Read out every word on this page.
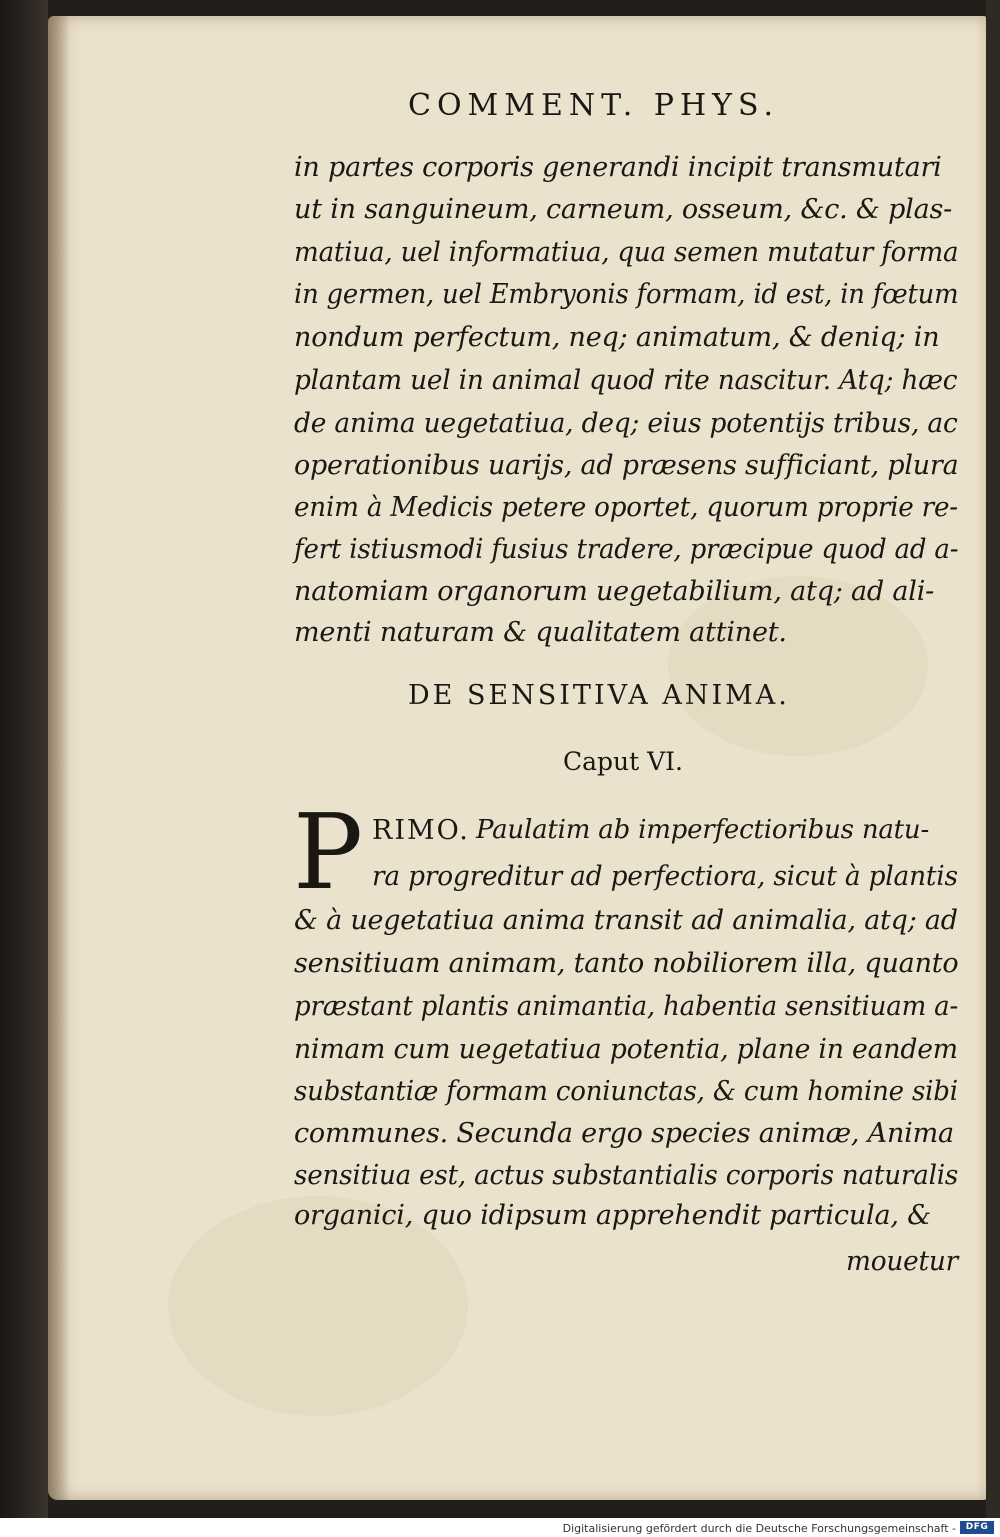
COMMENT. PHYS.
in partes corporis generandi incipit transmutari
ut in sanguineum, carneum, osseum, &c. & plas-
matiua, uel informatiua, qua semen mutatur forma
in germen, uel Embryonis formam, id est, in fœtum
nondum perfectum, neq; animatum, & deniq; in
plantam uel in animal quod rite nascitur. Atq; hæc
de anima uegetatiua, deq; eius potentijs tribus, ac
operationibus uarijs, ad præsens sufficiant, plura
enim à Medicis petere oportet, quorum proprie re-
fert istiusmodi fusius tradere, præcipue quod ad a-
natomiam organorum uegetabilium, atq; ad ali-
menti naturam & qualitatem attinet.
DE SENSITIVA ANIMA.
Caput VI.
P RIMO. Paulatim ab imperfectioribus natu-
ra progreditur ad perfectiora, sicut à plantis
& à uegetatiua anima transit ad animalia, atq; ad
sensitiuam animam, tanto nobiliorem illa, quanto
præstant plantis animantia, habentia sensitiuam a-
nimam cum uegetatiua potentia, plane in eandem
substantiæ formam coniunctas, & cum homine sibi
communes. Secunda ergo species animæ, Anima
sensitiua est, actus substantialis corporis naturalis
organici, quo idipsum apprehendit particula, &
mouetur
Digitalisierung gefördert durch die Deutsche Forschungsgemeinschaft -	DFG
